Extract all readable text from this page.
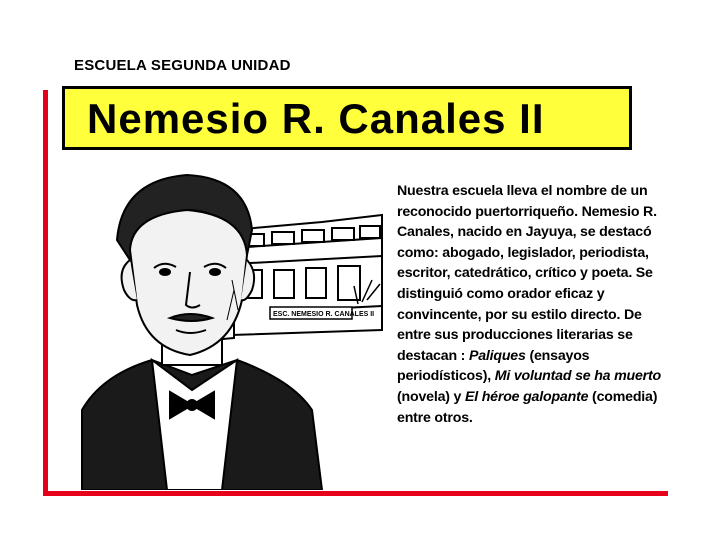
ESCUELA SEGUNDA UNIDAD
Nemesio R. Canales II
ESC. NEMESIO R. CANALES II
Nuestra escuela lleva el nombre de un reconocido puertorriqueño. Nemesio R. Canales, nacido en Jayuya, se destacó como: abogado, legislador, periodista, escritor, catedrático, crítico y poeta. Se distinguió como orador eficaz y convincente, por su estilo directo. De entre sus producciones literarias se destacan : Paliques (ensayos periodísticos), Mi voluntad se ha muerto (novela) y El héroe galopante (comedia) entre otros.
